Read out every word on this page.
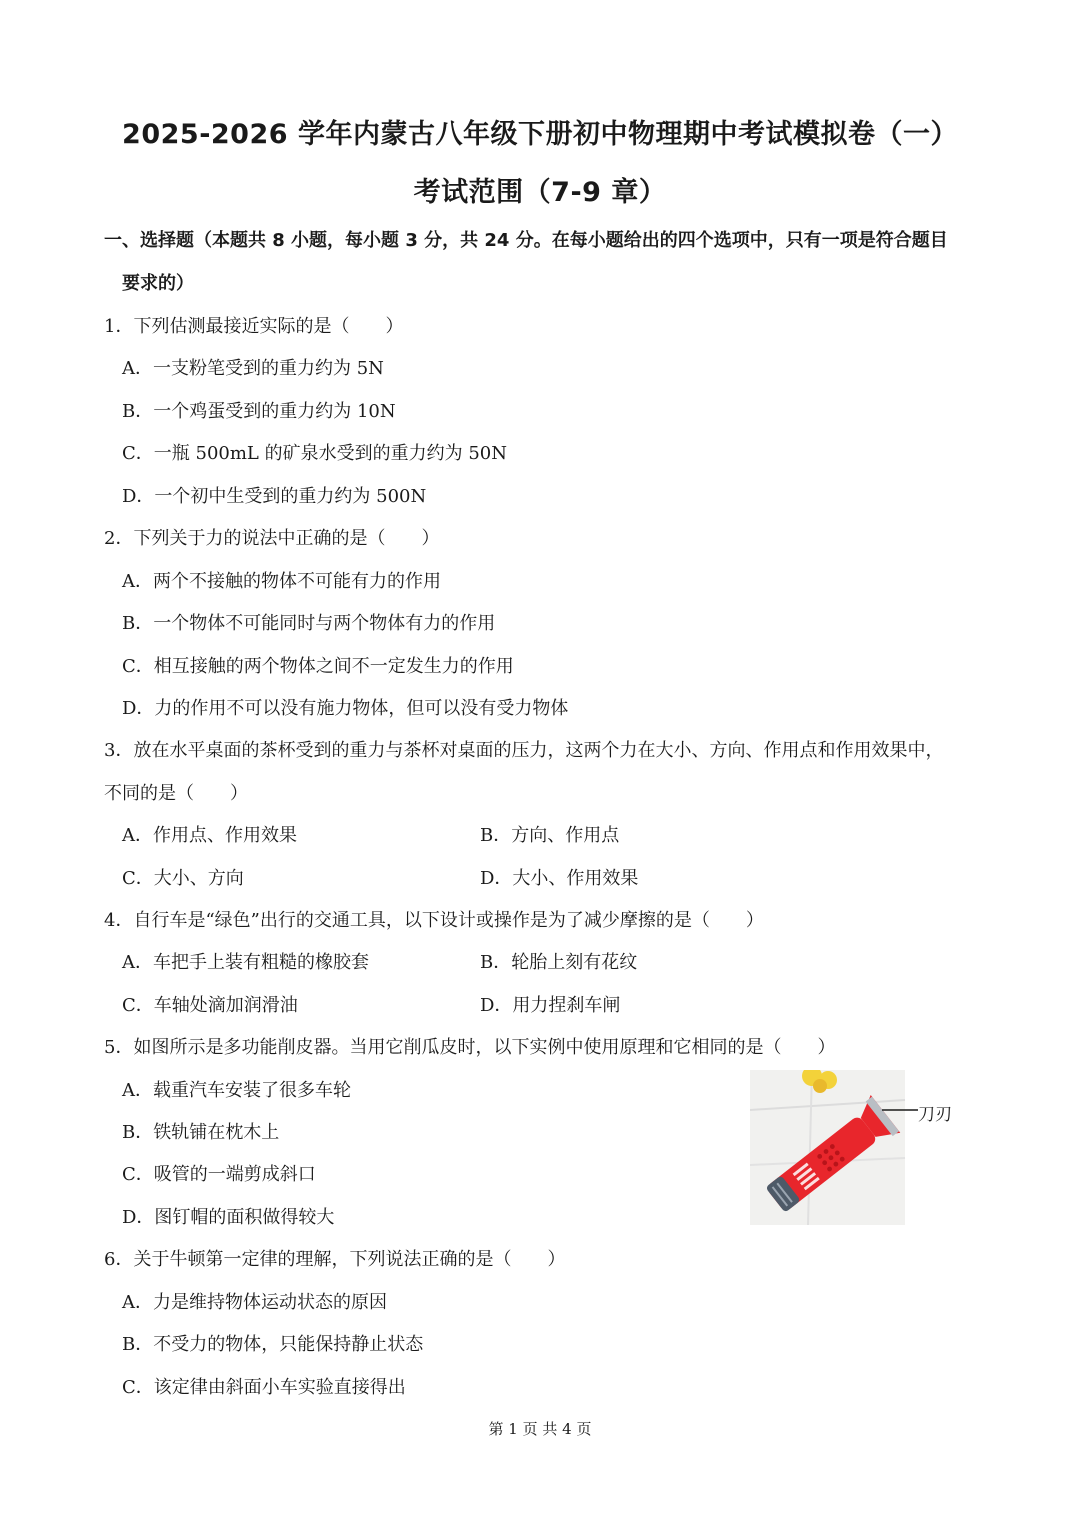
2025-2026 学年内蒙古八年级下册初中物理期中考试模拟卷（一）
考试范围（7-9 章）
一、选择题（本题共 8 小题，每小题 3 分，共 24 分。在每小题给出的四个选项中，只有一项是符合题目
要求的）
1．下列估测最接近实际的是（　　）
A．一支粉笔受到的重力约为 5N
B．一个鸡蛋受到的重力约为 10N
C．一瓶 500mL 的矿泉水受到的重力约为 50N
D．一个初中生受到的重力约为 500N
2．下列关于力的说法中正确的是（　　）
A．两个不接触的物体不可能有力的作用
B．一个物体不可能同时与两个物体有力的作用
C．相互接触的两个物体之间不一定发生力的作用
D．力的作用不可以没有施力物体，但可以没有受力物体
3．放在水平桌面的茶杯受到的重力与茶杯对桌面的压力，这两个力在大小、方向、作用点和作用效果中，
不同的是（　　）
A．作用点、作用效果	B．方向、作用点
C．大小、方向	D．大小、作用效果
4．自行车是“绿色”出行的交通工具，以下设计或操作是为了减少摩擦的是（　　）
A．车把手上装有粗糙的橡胶套	B．轮胎上刻有花纹
C．车轴处滴加润滑油	D．用力捏刹车闸
5．如图所示是多功能削皮器。当用它削瓜皮时，以下实例中使用原理和它相同的是（　　）
A．载重汽车安装了很多车轮
B．铁轨铺在枕木上
C．吸管的一端剪成斜口
D．图钉帽的面积做得较大
刀刃
6．关于牛顿第一定律的理解，下列说法正确的是（　　）
A．力是维持物体运动状态的原因
B．不受力的物体，只能保持静止状态
C．该定律由斜面小车实验直接得出
第 1 页 共 4 页
